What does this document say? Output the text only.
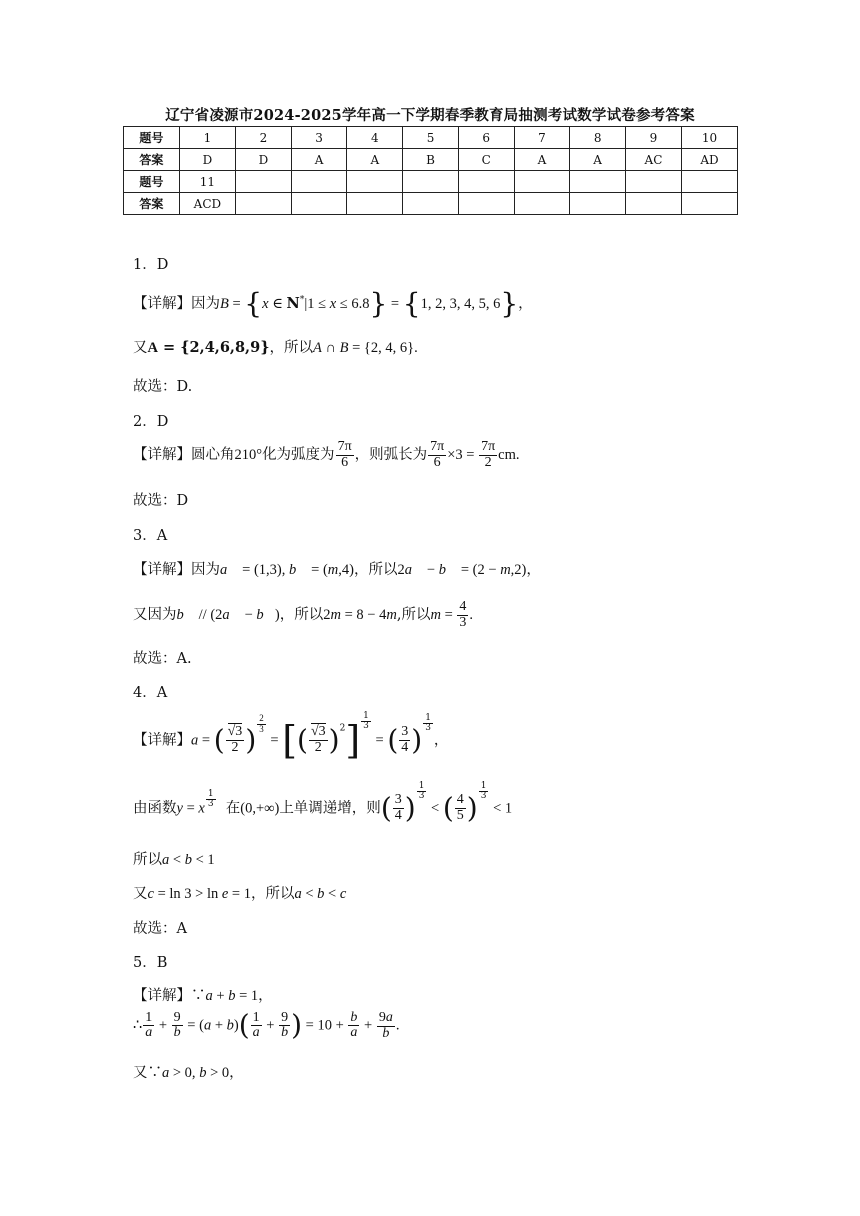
辽宁省凌源市2024-2025学年高一下学期春季教育局抽测考试数学试卷参考答案
题号	1	2	3	4	5	6	7	8	9	10
答案	D	D	A	A	B	C	A	A	AC	AD
题号	11									
答案	ACD									
1．D
【详解】因为B = {x ∈ N*|1 ≤ x ≤ 6.8} = {1, 2, 3, 4, 5, 6}，
又A = {2,4,6,8,9}，所以A ∩ B = {2, 4, 6}.
故选：D.
2．D
【详解】圆心角210°化为弧度为 $\frac{7\pi}{6}$ ，则弧长为 $\frac{7\pi}{6} \times 3 = \frac{7\pi}{2}$ cm.
故选：D
3．A
【详解】因为a⃗ = (1,3), b⃗ = (m,4)，所以2a⃗ − b⃗ = (2 − m,2)，
又因为b⃗ // (2a⃗ − b⃗)，所以2m = 8 − 4m,所以$m = \frac{4}{3}$ .
故选：A.
4．A
【详解】a = ( $\frac{√3}{2}$ ) $^{\frac{2}{3}}$
= [( $\frac{√3}{2} )^2$] $^{\frac{1}{3}}$
= ( $\frac{3}{4}$ ) $^{\frac{1}{3}}$
，
由函数y = x $^{\frac{1}{3}}$ 在(0,+∞)上单调递增，则( $\frac{3}{4}$ ) $^{\frac{1}{3}}$
< ( $\frac{4}{5}$ ) $^{\frac{1}{3}}$
< 1
所以a < b < 1
又c = ln 3 > ln e = 1，所以a < b < c
故选：A
5．B
【详解】∵a + b = 1，
∴ $\frac{1}{a} + \frac{9}{b} = (a + b)( \frac{1}{a} + \frac{9}{b}$ ) = $10 + \frac{b}{a} + \frac{9a}{b}$ .
又∵a > 0, b > 0，
